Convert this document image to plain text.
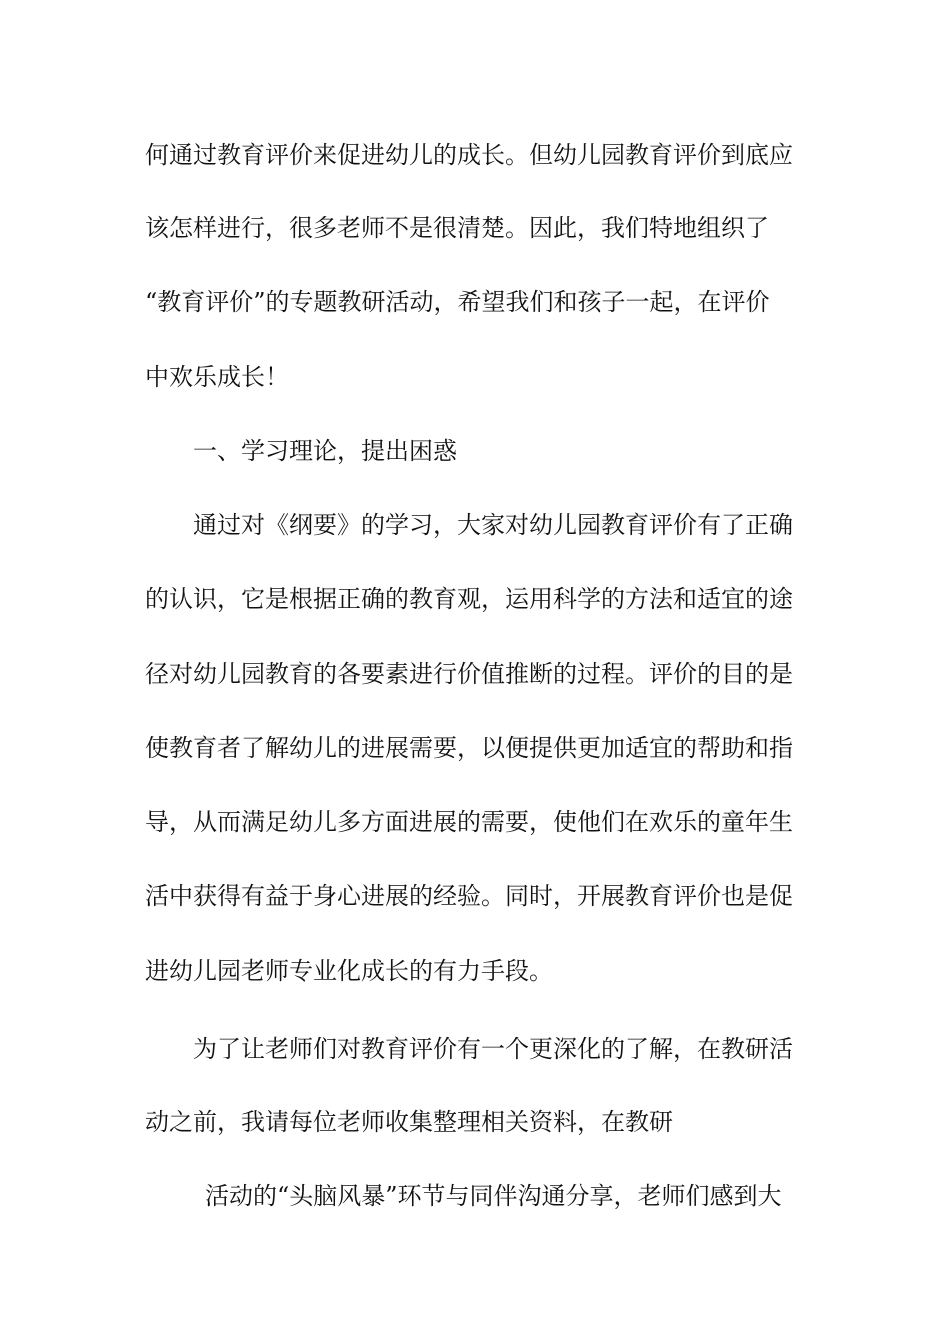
何通过教育评价来促进幼儿的成长。但幼儿园教育评价到底应

该怎样进行，很多老师不是很清楚。因此，我们特地组织了

“教育评价”的专题教研活动，希望我们和孩子一起，在评价

中欢乐成长！

一、学习理论，提出困惑

通过对《纲要》的学习，大家对幼儿园教育评价有了正确

的认识，它是根据正确的教育观，运用科学的方法和适宜的途

径对幼儿园教育的各要素进行价值推断的过程。评价的目的是

使教育者了解幼儿的进展需要，以便提供更加适宜的帮助和指

导，从而满足幼儿多方面进展的需要，使他们在欢乐的童年生

活中获得有益于身心进展的经验。同时，开展教育评价也是促

进幼儿园老师专业化成长的有力手段。

为了让老师们对教育评价有一个更深化的了解，在教研活

动之前，我请每位老师收集整理相关资料，在教研

活动的“头脑风暴”环节与同伴沟通分享，老师们感到大
